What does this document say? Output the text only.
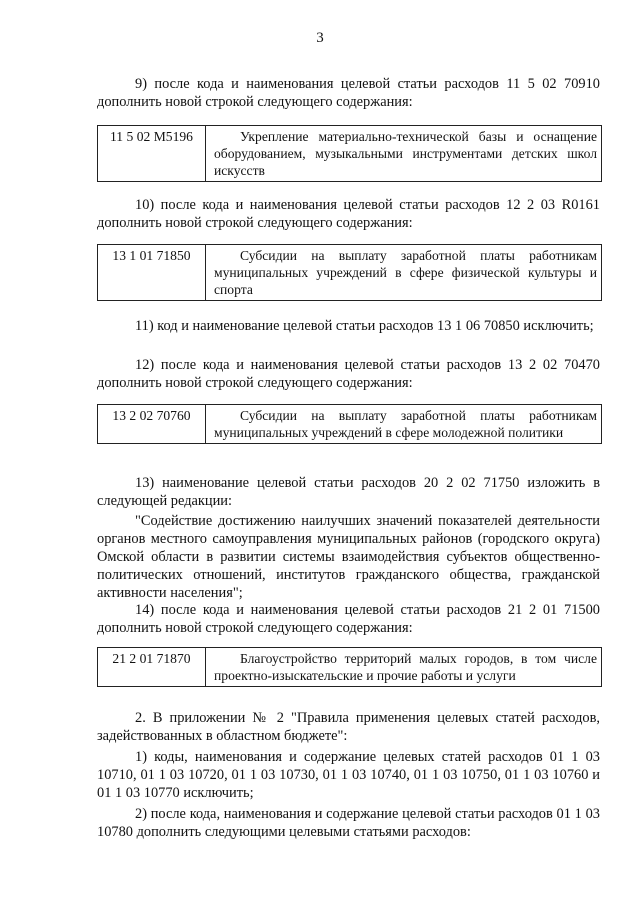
3
9) после кода и наименования целевой статьи расходов 11 5 02 70910 дополнить новой строкой следующего содержания:
11 5 02 M5196	Укрепление материально-технической базы и оснащение оборудованием, музыкальными инструментами детских школ искусств
10) после кода и наименования целевой статьи расходов 12 2 03 R0161 дополнить новой строкой следующего содержания:
13 1 01 71850	Субсидии на выплату заработной платы работникам муниципальных учреждений в сфере физической культуры и спорта
11) код и наименование целевой статьи расходов 13 1 06 70850 исключить;
12) после кода и наименования целевой статьи расходов 13 2 02 70470 дополнить новой строкой следующего содержания:
13 2 02 70760	Субсидии на выплату заработной платы работникам муниципальных учреждений в сфере молодежной политики
13) наименование целевой статьи расходов 20 2 02 71750 изложить в следующей редакции:
"Содействие достижению наилучших значений показателей деятельности органов местного самоуправления муниципальных районов (городского округа) Омской области в развитии системы взаимодействия субъектов общественно-политических отношений, институтов гражданского общества, гражданской активности населения";
14) после кода и наименования целевой статьи расходов 21 2 01 71500 дополнить новой строкой следующего содержания:
21 2 01 71870	Благоустройство территорий малых городов, в том числе проектно-изыскательские и прочие работы и услуги
2. В приложении № 2 "Правила применения целевых статей расходов, задействованных в областном бюджете":
1) коды, наименования и содержание целевых статей расходов 01 1 03 10710, 01 1 03 10720, 01 1 03 10730, 01 1 03 10740, 01 1 03 10750, 01 1 03 10760 и 01 1 03 10770 исключить;
2) после кода, наименования и содержание целевой статьи расходов 01 1 03 10780 дополнить следующими целевыми статьями расходов:
